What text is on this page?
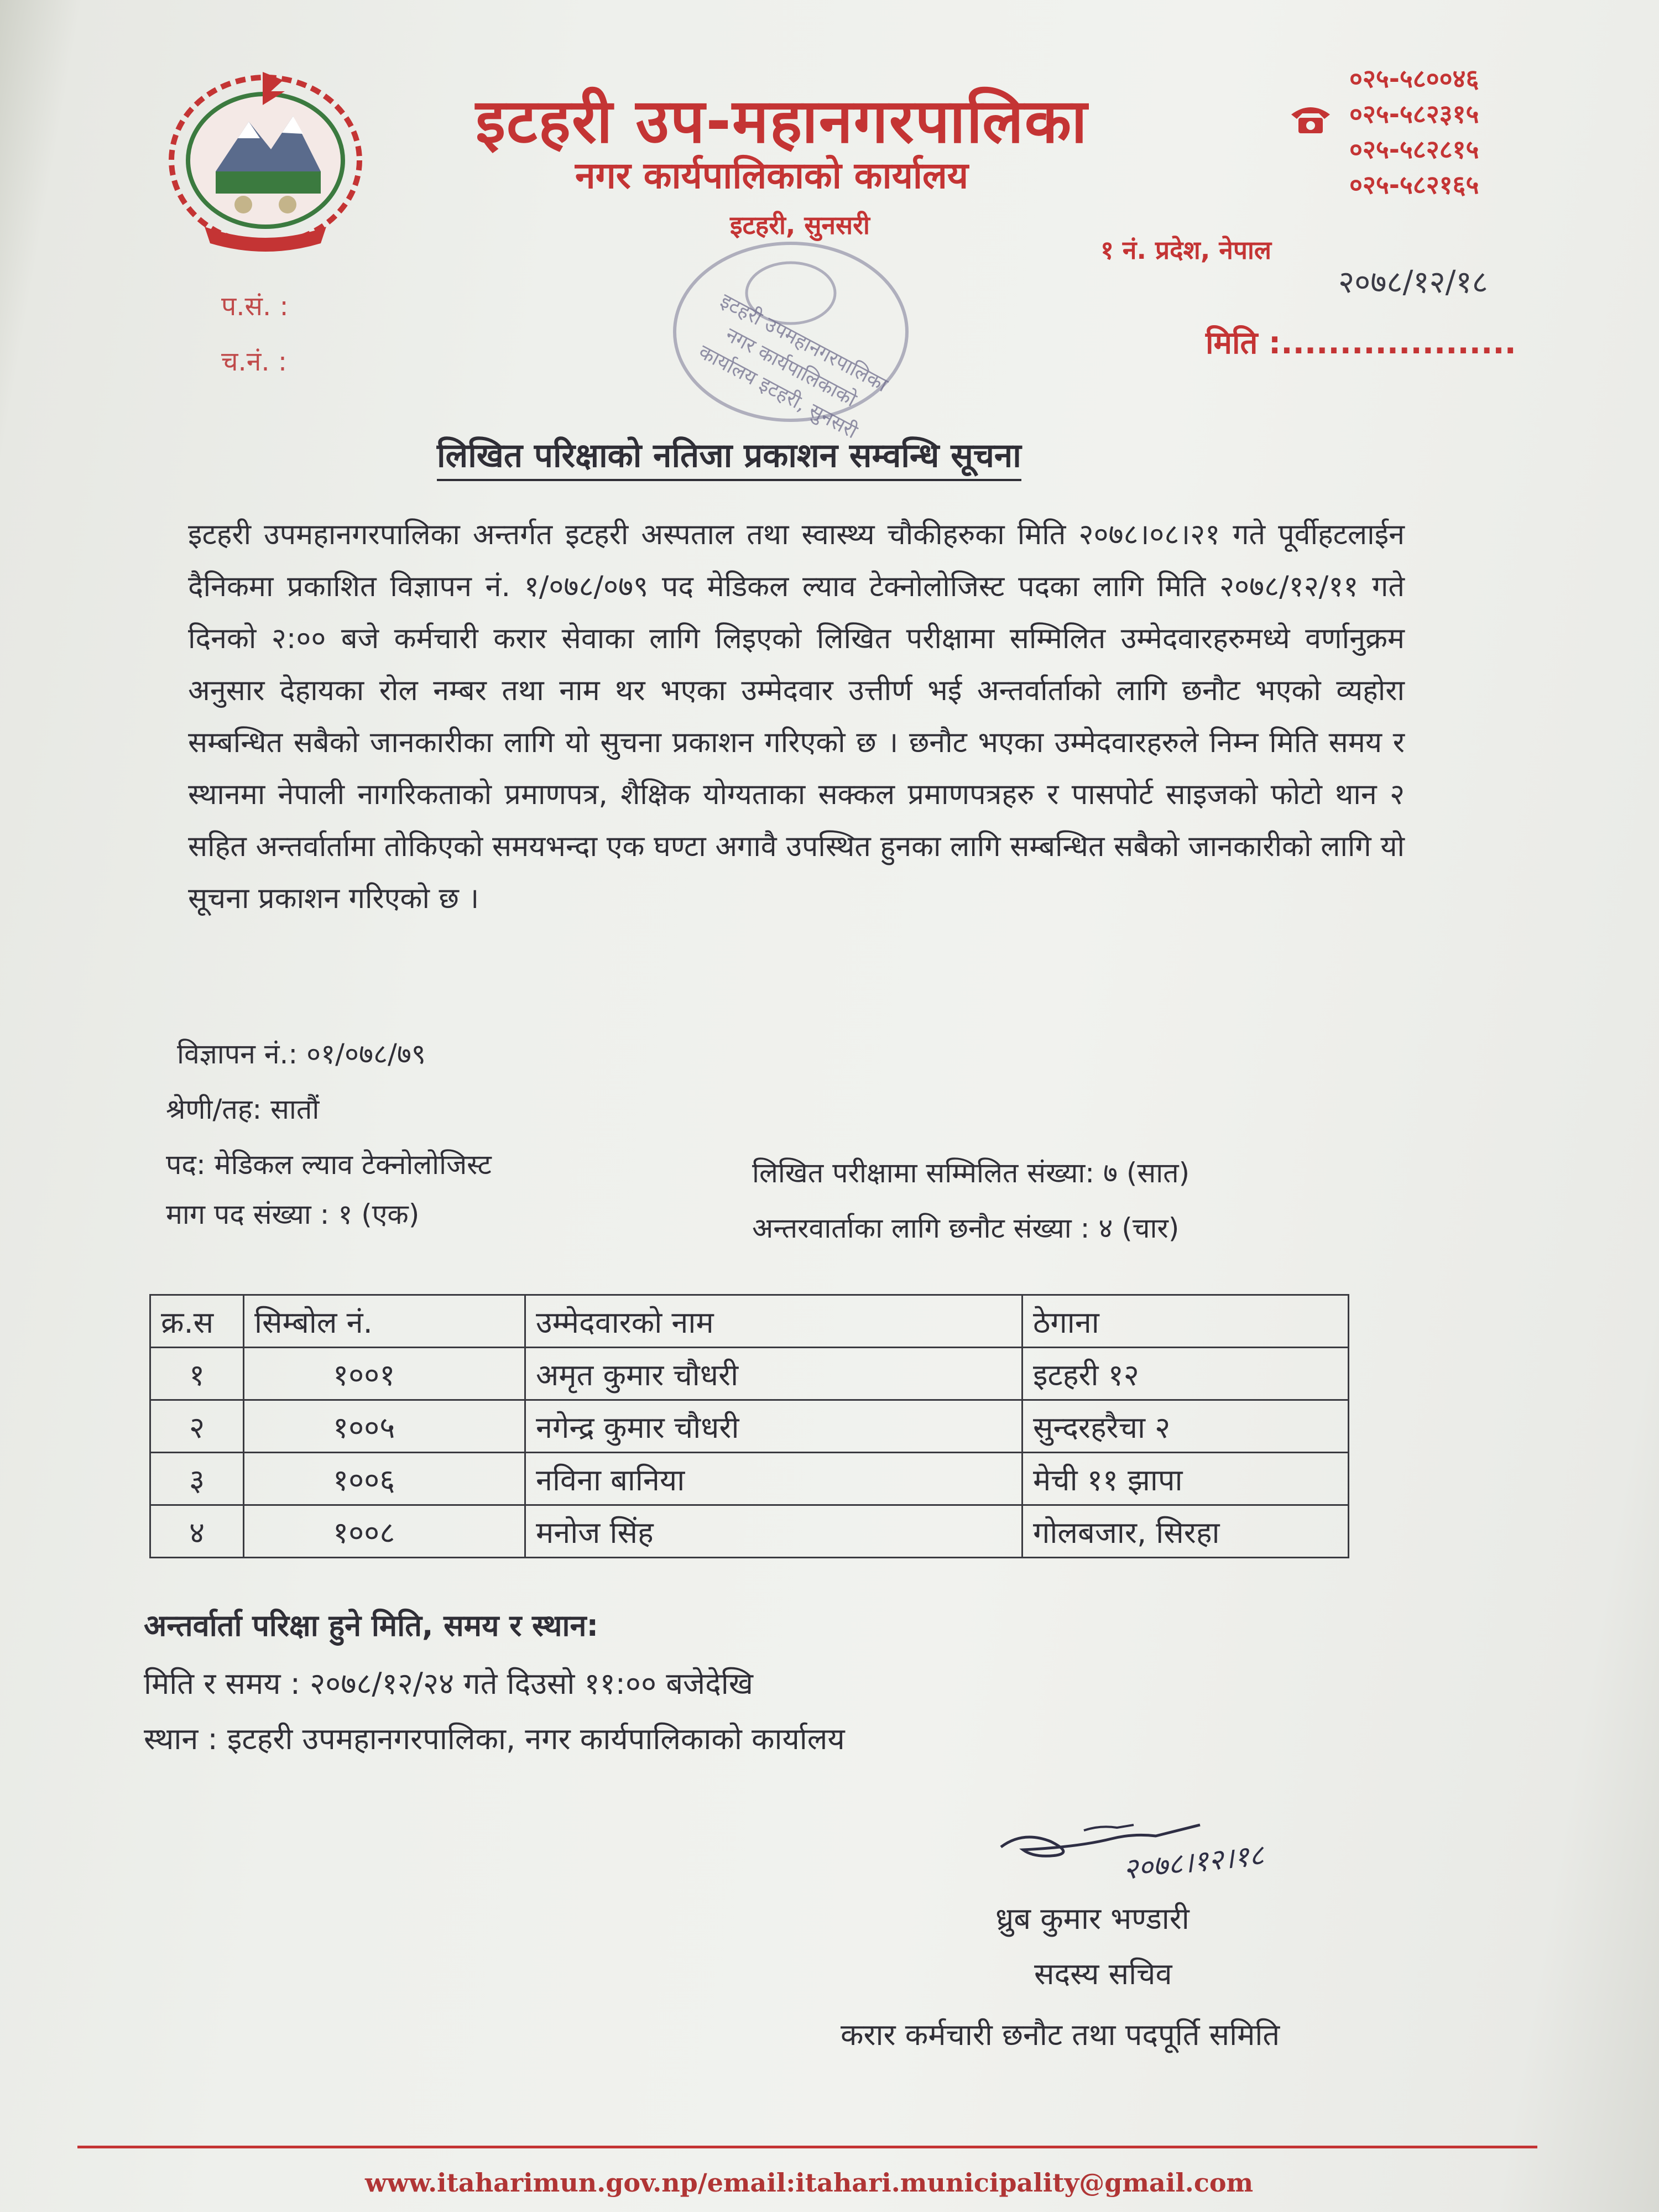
इटहरी उप-महानगरपालिका
नगर कार्यपालिकाको कार्यालय
इटहरी, सुनसरी
०२५-५८००४६
०२५-५८२३१५
०२५-५८२८१५
०२५-५८२१६५
१ नं. प्रदेश, नेपाल
२०७८/१२/१८
मिति :....................
प.सं. :
च.नं. :	इटहरी उपमहानगरपालिका नगर कार्यपालिकाको कार्यालय इटहरी, सुनसरी
लिखित परिक्षाको नतिजा प्रकाशन सम्वन्धि सूचना
इटहरी उपमहानगरपालिका अन्तर्गत इटहरी अस्पताल तथा स्वास्थ्य चौकीहरुका मिति २०७८।०८।२१ गते पूर्वीहटलाईन दैनिकमा प्रकाशित विज्ञापन नं. १/०७८/०७९ पद मेडिकल ल्याव टेक्नोलोजिस्ट पदका लागि मिति २०७८/१२/११ गते दिनको २:०० बजे कर्मचारी करार सेवाका लागि लिइएको लिखित परीक्षामा सम्मिलित उम्मेदवारहरुमध्ये वर्णानुक्रम अनुसार देहायका रोल नम्बर तथा नाम थर भएका उम्मेदवार उत्तीर्ण भई अन्तर्वार्ताको लागि छनौट भएको व्यहोरा सम्बन्धित सबैको जानकारीका लागि यो सुचना प्रकाशन गरिएको छ । छनौट भएका उम्मेदवारहरुले निम्न मिति समय र स्थानमा नेपाली नागरिकताको प्रमाणपत्र, शैक्षिक योग्यताका सक्कल प्रमाणपत्रहरु र पासपोर्ट साइजको फोटो थान २ सहित अन्तर्वार्तामा तोकिएको समयभन्दा एक घण्टा अगावै उपस्थित हुनका लागि सम्बन्धित सबैको जानकारीको लागि यो सूचना प्रकाशन गरिएको छ ।
विज्ञापन नं.: ०१/०७८/७९
श्रेणी/तह: सातौं
पद: मेडिकल ल्याव टेक्नोलोजिस्ट
माग पद संख्या : १ (एक)
लिखित परीक्षामा सम्मिलित संख्या: ७ (सात)
अन्तरवार्ताका लागि छनौट संख्या : ४ (चार)
क्र.स	सिम्बोल नं.	उम्मेदवारको नाम	ठेगाना
१	१००१	अमृत कुमार चौधरी	इटहरी १२
२	१००५	नगेन्द्र कुमार चौधरी	सुन्दरहरैचा २
३	१००६	नविना बानिया	मेची ११ झापा
४	१००८	मनोज सिंह	गोलबजार, सिरहा
अन्तर्वार्ता परिक्षा हुने मिति, समय र स्थान:
मिति र समय : २०७८/१२/२४ गते दिउसो ११:०० बजेदेखि
स्थान : इटहरी उपमहानगरपालिका, नगर कार्यपालिकाको कार्यालय
२०७८।१२।१८
ध्रुब कुमार भण्डारी
सदस्य सचिव
करार कर्मचारी छनौट तथा पदपूर्ति समिति
www.itaharimun.gov.np/email:itahari.municipality@gmail.com
